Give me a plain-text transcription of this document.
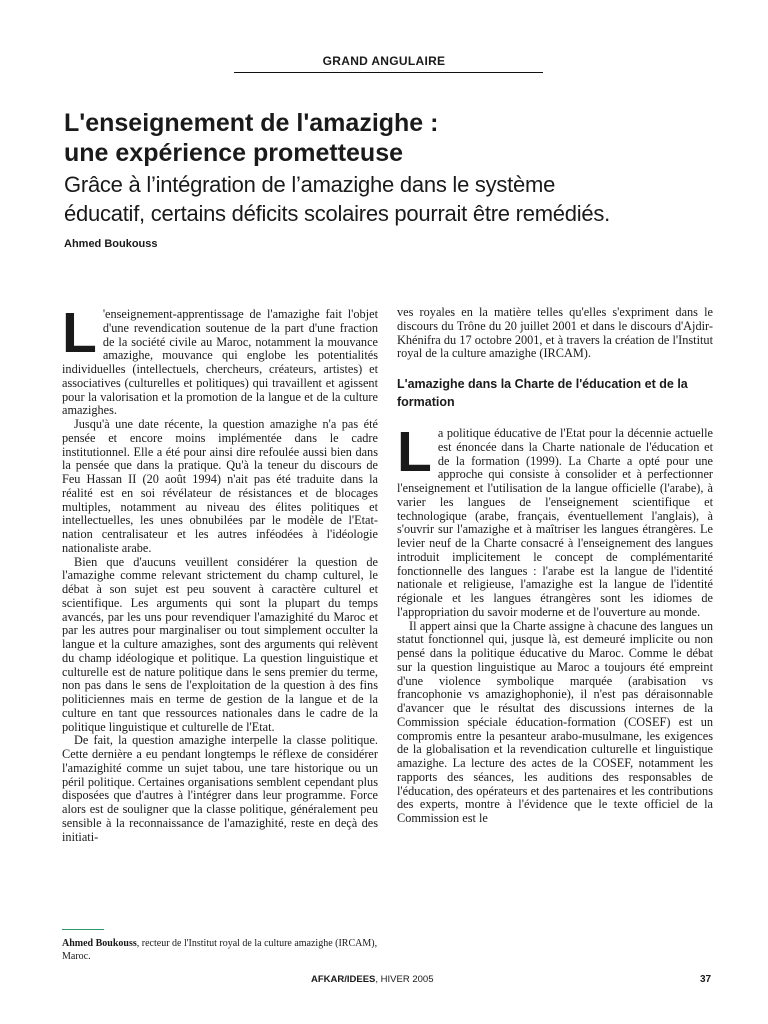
GRAND ANGULAIRE
L'enseignement de l'amazighe :
une expérience prometteuse
Grâce à l’intégration de l’amazighe dans le système
éducatif, certains déficits scolaires pourrait être remédiés.
Ahmed Boukouss

L 'enseignement-apprentissage de l'amazighe fait l'objet d'une revendication soutenue de la part d'une fraction de la société civile au Maroc, notamment la mouvance amazighe, mouvance qui englobe les potentialités individuelles (intellectuels, chercheurs, créateurs, artistes) et associatives (culturelles et politiques) qui travaillent et agissent pour la valorisation et la promotion de la langue et de la culture amazighes.

Jusqu'à une date récente, la question amazighe n'a pas été pensée et encore moins implémentée dans le cadre institutionnel. Elle a été pour ainsi dire refoulée aussi bien dans la pensée que dans la pratique. Qu'à la teneur du discours de Feu Hassan II (20 août 1994) n'ait pas été traduite dans la réalité est en soi révélateur de résistances et de blocages multiples, notamment au niveau des élites politiques et intellectuelles, les unes obnubilées par le modèle de l'Etat-nation centralisateur et les autres inféodées à l'idéologie nationaliste arabe.

Bien que d'aucuns veuillent considérer la question de l'amazighe comme relevant strictement du champ culturel, le débat à son sujet est peu souvent à caractère culturel et scientifique. Les arguments qui sont la plupart du temps avancés, par les uns pour revendiquer l'amazighité du Maroc et par les autres pour marginaliser ou tout simplement occulter la langue et la culture amazighes, sont des arguments qui relèvent du champ idéologique et politique. La question linguistique et culturelle est de nature politique dans le sens premier du terme, non pas dans le sens de l'exploitation de la question à des fins politiciennes mais en terme de gestion de la langue et de la culture en tant que ressources nationales dans le cadre de la politique linguistique et culturelle de l'Etat.

De fait, la question amazighe interpelle la classe politique. Cette dernière a eu pendant longtemps le réflexe de considérer l'amazighité comme un sujet tabou, une tare historique ou un péril politique. Certaines organisations semblent cependant plus disposées que d'autres à l'intégrer dans leur programme. Force alors est de souligner que la classe politique, généralement peu sensible à la reconnaissance de l'amazighité, reste en deçà des initiati-

ves royales en la matière telles qu'elles s'expriment dans le discours du Trône du 20 juillet 2001 et dans le discours d'Ajdir-Khénifra du 17 octobre 2001, et à travers la création de l'Institut royal de la culture amazighe (IRCAM).

L'amazighe dans la Charte de l'éducation et de la formation

La politique éducative de l'Etat pour la décennie actuelle est énoncée dans la Charte nationale de l'éducation et de la formation (1999). La Charte a opté pour une approche qui consiste à consolider et à perfectionner l'enseignement et l'utilisation de la langue officielle (l'arabe), à varier les langues de l'enseignement scientifique et technologique (arabe, français, éventuellement l'anglais), à s'ouvrir sur l'amazighe et à maîtriser les langues étrangères. Le levier neuf de la Charte consacré à l'enseignement des langues introduit implicitement le concept de complémentarité fonctionnelle des langues : l'arabe est la langue de l'identité nationale et religieuse, l'amazighe est la langue de l'identité régionale et les langues étrangères sont les idiomes de l'appropriation du savoir moderne et de l'ouverture au monde.

Il appert ainsi que la Charte assigne à chacune des langues un statut fonctionnel qui, jusque là, est demeuré implicite ou non pensé dans la politique éducative du Maroc. Comme le débat sur la question linguistique au Maroc a toujours été empreint d'une violence symbolique marquée (arabisation vs francophonie vs amazighophonie), il n'est pas déraisonnable d'avancer que le résultat des discussions internes de la Commission spéciale éducation-formation (COSEF) est un compromis entre la pesanteur arabo-musulmane, les exigences de la globalisation et la revendication culturelle et linguistique amazighe. La lecture des actes de la COSEF, notamment les rapports des séances, les auditions des responsables de l'éducation, des opérateurs et des partenaires et les contributions des experts, montre à l'évidence que le texte officiel de la Commission est le

Ahmed Boukouss, recteur de l'Institut royal de la culture amazighe (IRCAM), Maroc.
AFKAR/IDEES, HIVER 2005	37
